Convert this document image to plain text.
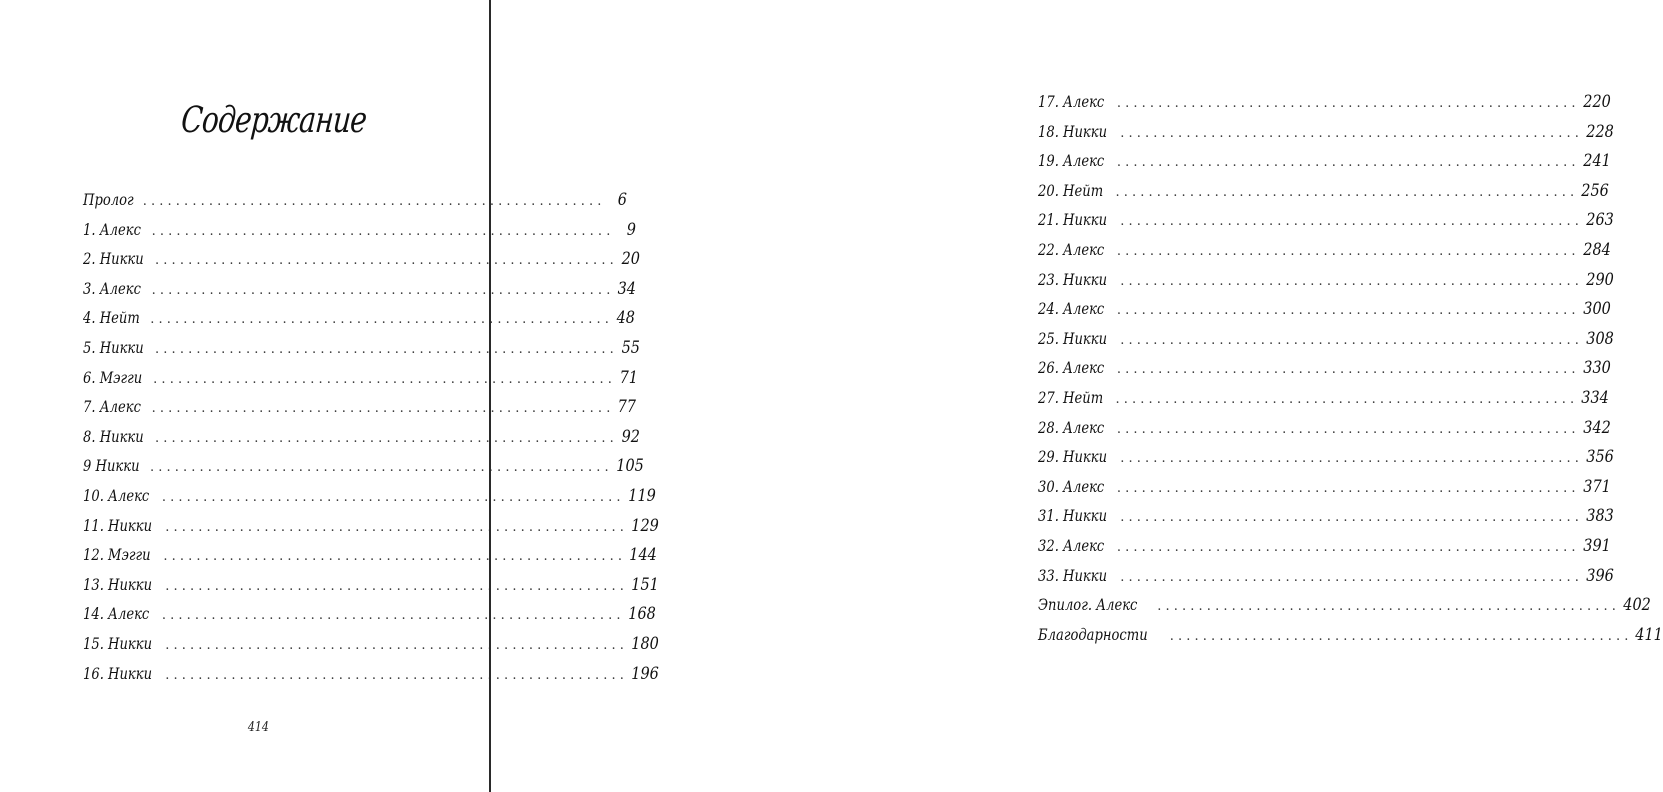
Содержание
Пролог . . .	6
1. Алекс . . .	9
2. Никки . . .	20
3. Алекс . . .	34
4. Нейт . . .	48
5. Никки . . .	55
6. Мэгги . . .	71
7. Алекс . . .	77
8. Никки . . .	92
9 Никки . . .	105
10. Алекс . . .	119
11. Никки . . .	129
12. Мэгги . . .	144
13. Никки . . .	151
14. Алекс . . .	168
15. Никки . . .	180
16. Никки . . .	196
414
17. Алекс . . .	220
18. Никки . . .	228
19. Алекс . . .	241
20. Нейт . . .	256
21. Никки . . .	263
22. Алекс . . .	284
23. Никки . . .	290
24. Алекс . . .	300
25. Никки . . .	308
26. Алекс . . .	330
27. Нейт . . .	334
28. Алекс . . .	342
29. Никки . . .	356
30. Алекс . . .	371
31. Никки . . .	383
32. Алекс . . .	391
33. Никки . . .	396
Эпилог. Алекс . . .	402
Благодарности . . .	411
